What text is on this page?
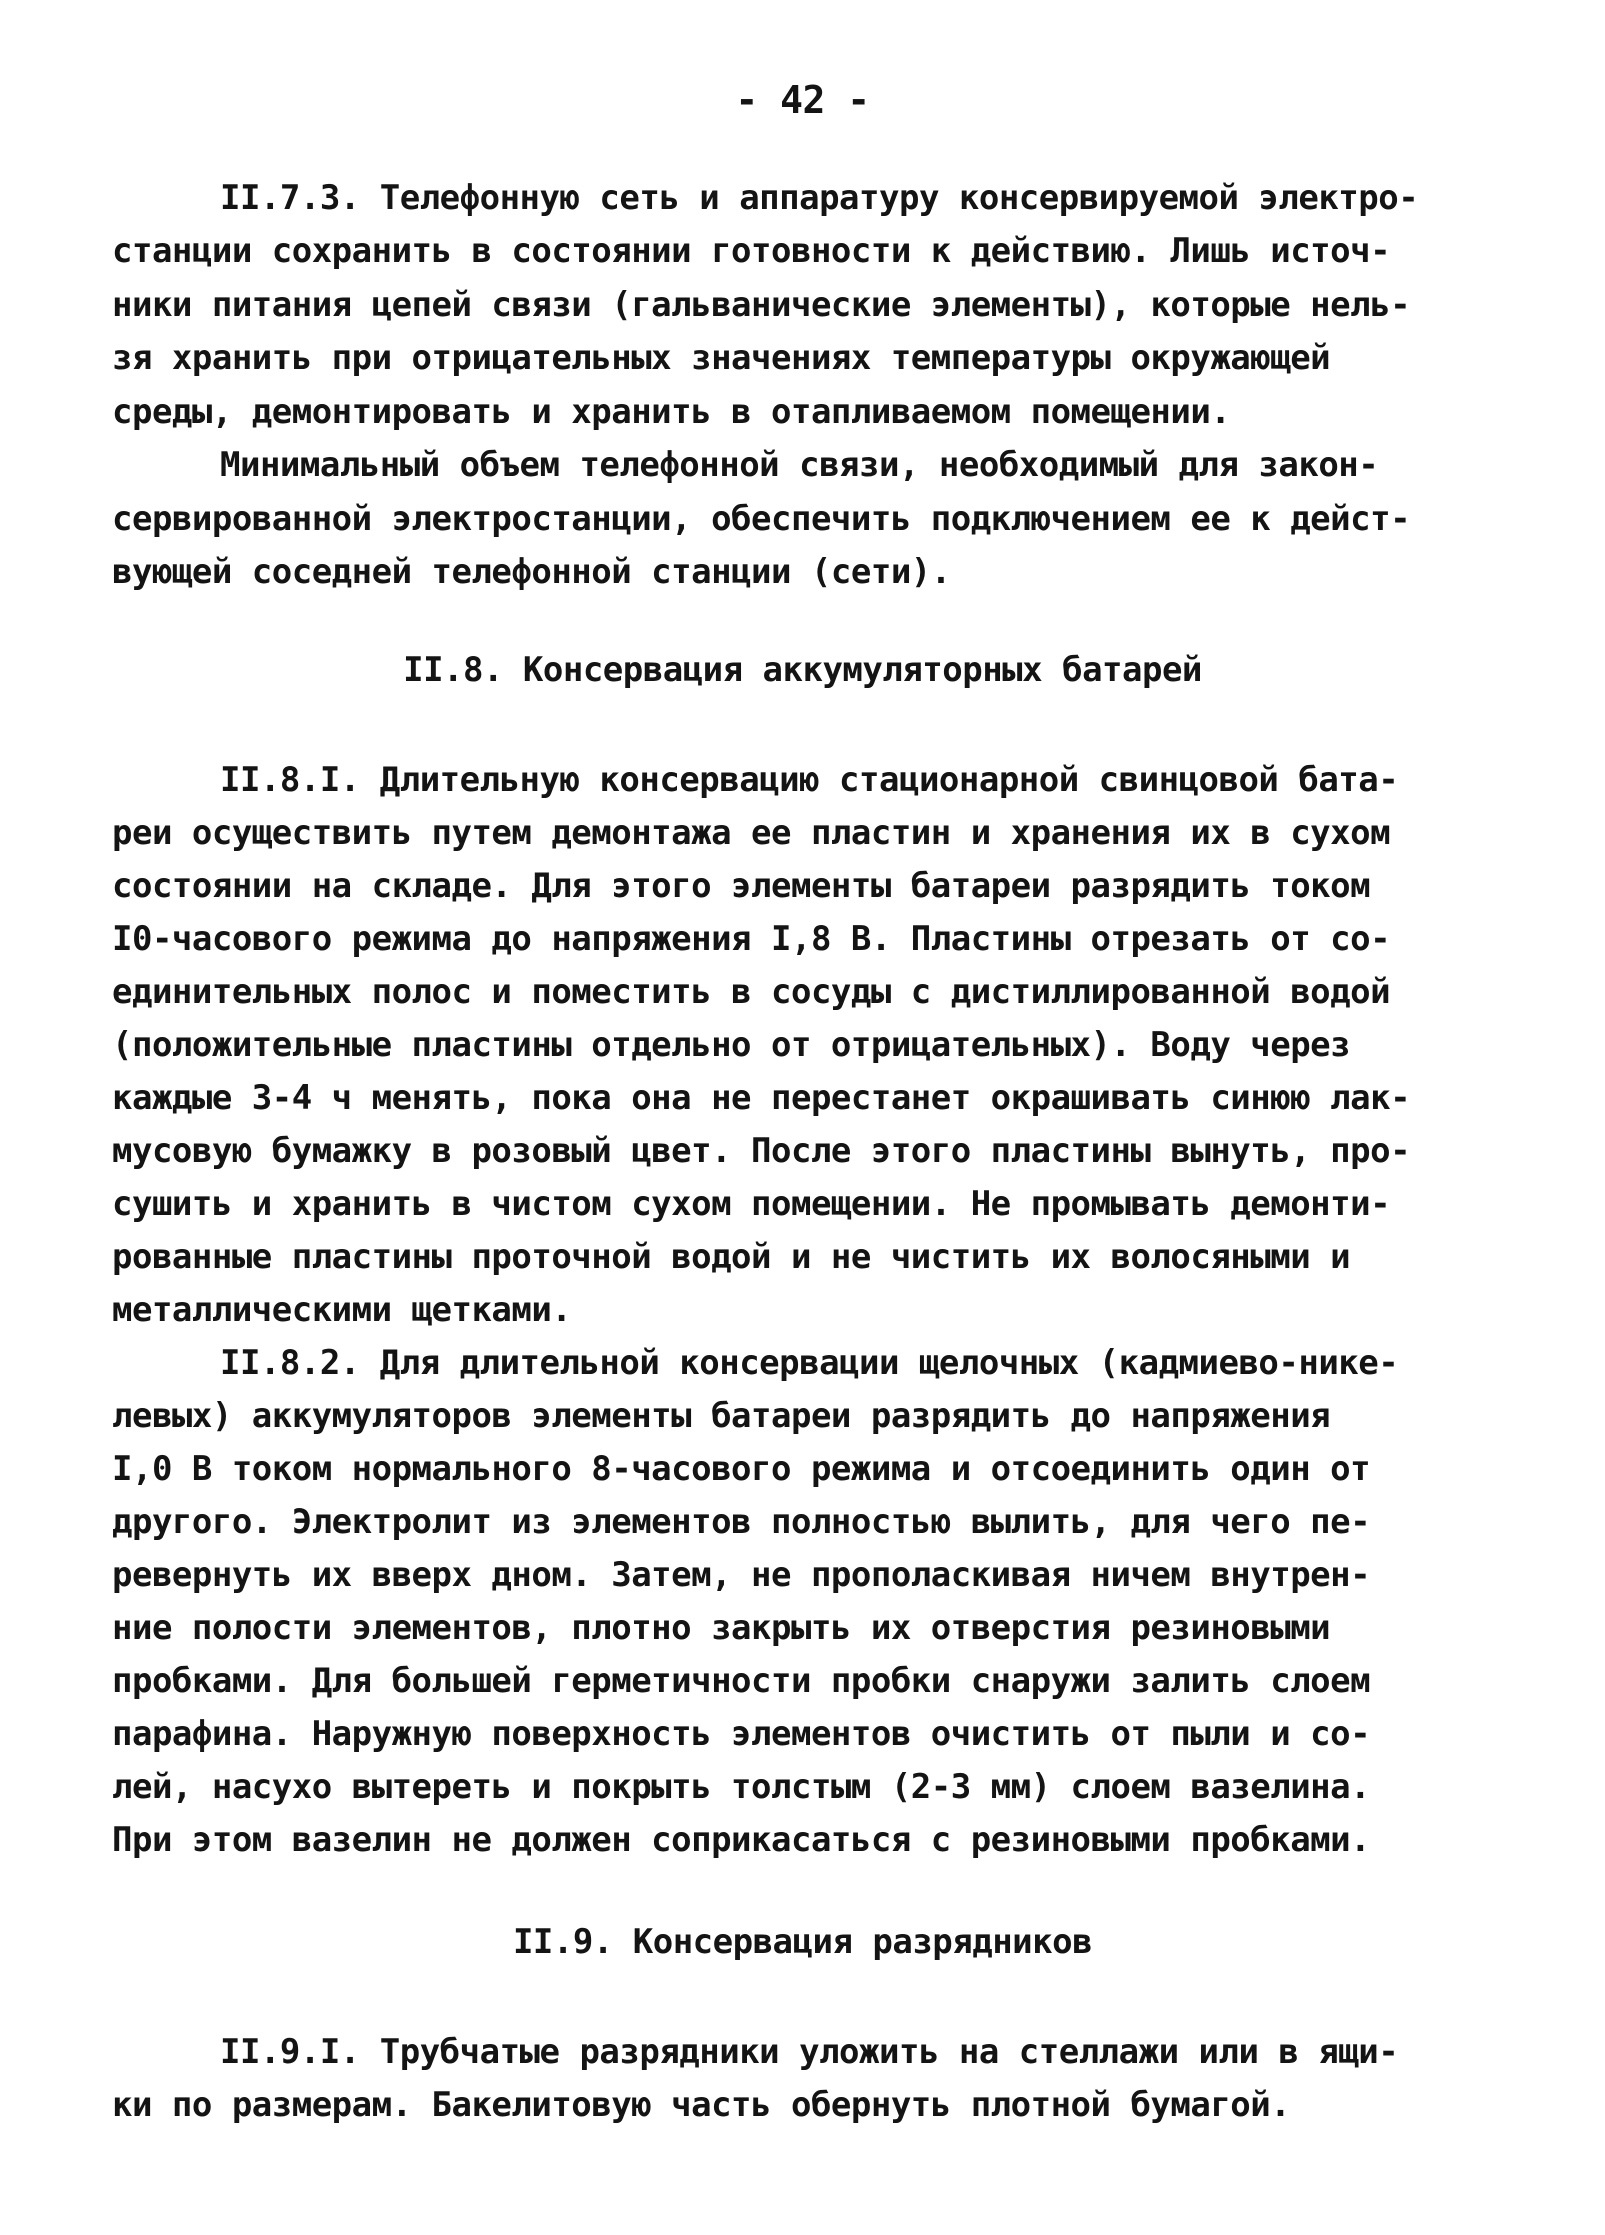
- 42 -
II.7.3. Телефонную сеть и аппаратуру консервируемой электро-
станции сохранить в состоянии готовности к действию. Лишь источ-
ники питания цепей связи (гальванические элементы), которые нель-
зя хранить при отрицательных значениях температуры окружающей
среды, демонтировать и хранить в отапливаемом помещении.
Минимальный объем телефонной связи, необходимый для закон-
сервированной электростанции, обеспечить подключением ее к дейст-
вующей соседней телефонной станции (сети).
II.8. Консервация аккумуляторных батарей
II.8.I. Длительную консервацию стационарной свинцовой бата-
реи осуществить путем демонтажа ее пластин и хранения их в сухом
состоянии на складе. Для этого элементы батареи разрядить током
I0-часового режима до напряжения I,8 В. Пластины отрезать от со-
единительных полос и поместить в сосуды с дистиллированной водой
(положительные пластины отдельно от отрицательных). Воду через
каждые 3-4 ч менять, пока она не перестанет окрашивать синюю лак-
мусовую бумажку в розовый цвет. После этого пластины вынуть, про-
сушить и хранить в чистом сухом помещении. Не промывать демонти-
рованные пластины проточной водой и не чистить их волосяными и
металлическими щетками.
II.8.2. Для длительной консервации щелочных (кадмиево-нике-
левых) аккумуляторов элементы батареи разрядить до напряжения
I,0 В током нормального 8-часового режима и отсоединить один от
другого. Электролит из элементов полностью вылить, для чего пе-
ревернуть их вверх дном. Затем, не прополаскивая ничем внутрен-
ние полости элементов, плотно закрыть их отверстия резиновыми
пробками. Для большей герметичности пробки снаружи залить слоем
парафина. Наружную поверхность элементов очистить от пыли и со-
лей, насухо вытереть и покрыть толстым (2-3 мм) слоем вазелина.
При этом вазелин не должен соприкасаться с резиновыми пробками.
II.9. Консервация разрядников
II.9.I. Трубчатые разрядники уложить на стеллажи или в ящи-
ки по размерам. Бакелитовую часть обернуть плотной бумагой.
